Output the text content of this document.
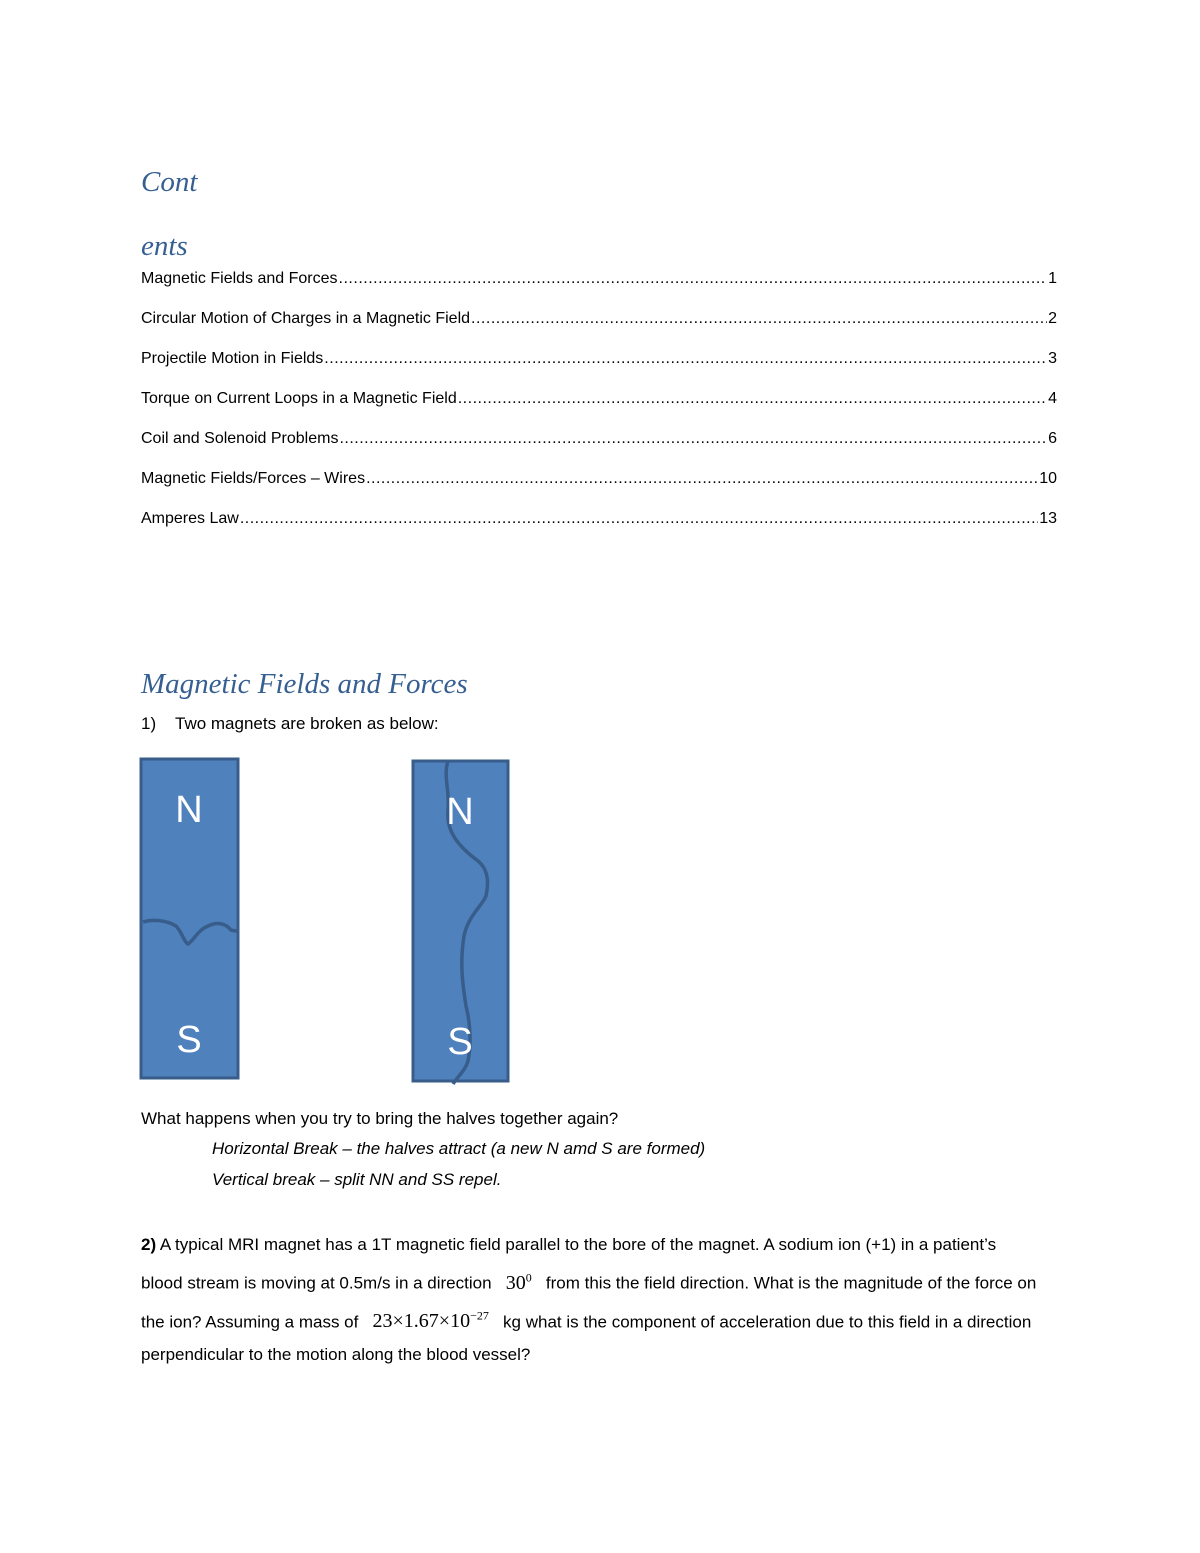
Cont
ents
Magnetic Fields and Forces .....	1
Circular Motion of Charges in a Magnetic Field .....	2
Projectile Motion in Fields .....	3
Torque on Current Loops in a Magnetic Field .....	4
Coil and Solenoid Problems .....	6
Magnetic Fields/Forces – Wires .....	10
Amperes Law .....	13
Magnetic Fields and Forces

1) Two magnets are broken as below:

N
S
N
S

What happens when you try to bring the halves together again?

Horizontal Break – the halves attract (a new N amd S are formed)

Vertical break – split NN and SS repel.

2) A typical MRI magnet has a 1T magnetic field parallel to the bore of the magnet. A sodium ion (+1) in a patient’s blood stream is moving at 0.5m/s in a direction   $30^0$   from this the field direction. What is the magnitude of the force on the ion? Assuming a mass of   $23\times 1.67\times 10^{-27}$   kg what is the component of acceleration due to this field in a direction perpendicular to the motion along the blood vessel?
